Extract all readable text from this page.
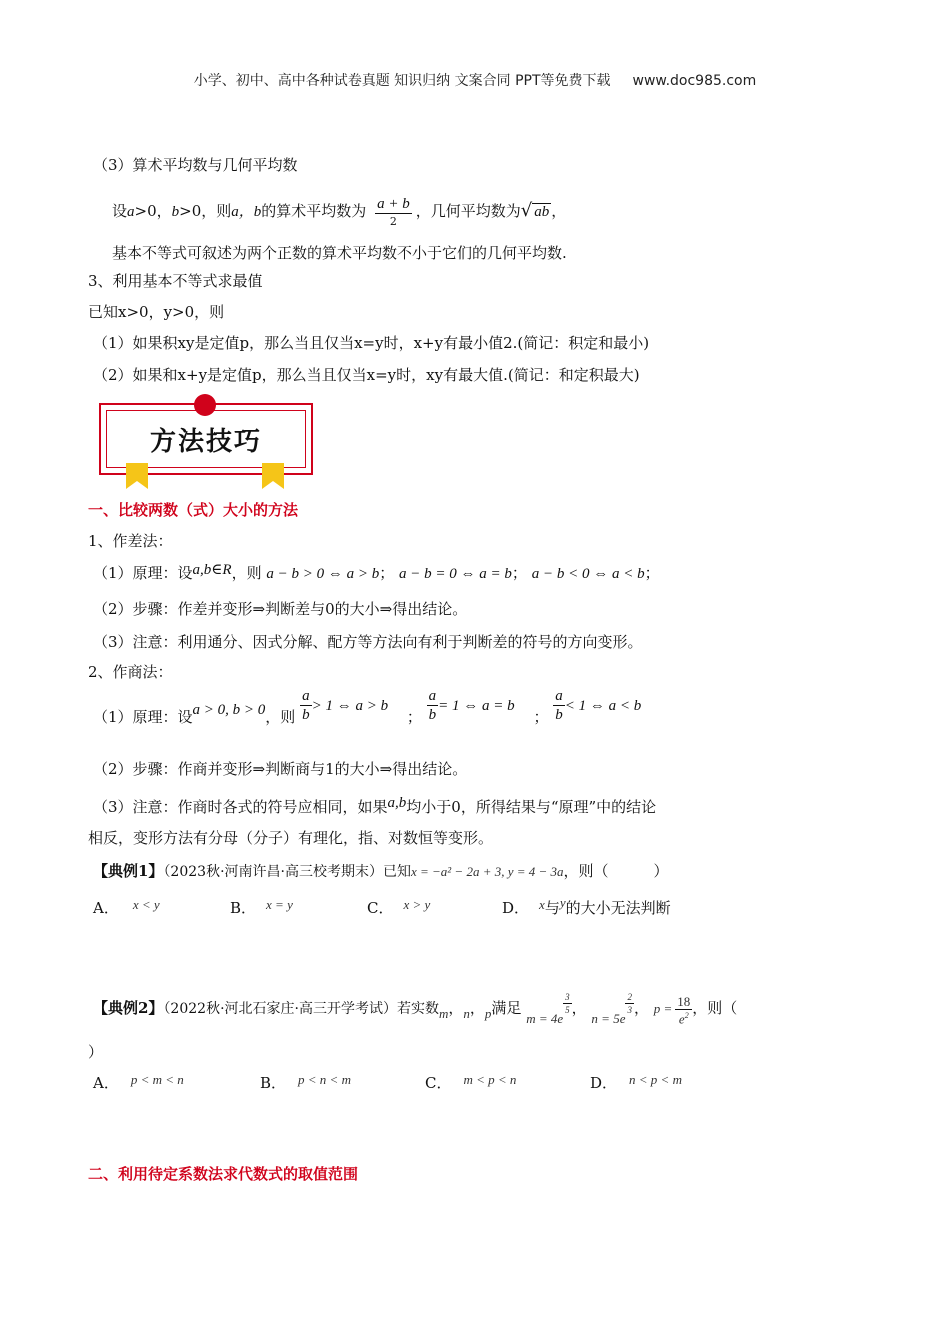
小学、初中、高中各种试卷真题 知识归纳 文案合同 PPT等免费下载 www.doc985.com
（3）算术平均数与几何平均数
设a>0，b>0，则a，b的算术平均数为 $\frac{a + b}{2}$ ，几何平均数为√ ab ，
基本不等式可叙述为两个正数的算术平均数不小于它们的几何平均数.
3、利用基本不等式求最值
已知x>0，y>0，则
（1）如果积xy是定值p，那么当且仅当x=y时，x+y有最小值2.(简记：积定和最小)
（2）如果和x+y是定值p，那么当且仅当x=y时，xy有最大值.(简记：和定积最大)
方法技巧
一、比较两数（式）大小的方法
1、作差法：
（1）原理：设a,b∈R，则 a − b > 0 ⇔ a > b； a − b = 0 ⇔ a = b； a − b < 0 ⇔ a < b；
（2）步骤：作差并变形⇒判断差与0的大小⇒得出结论。
（3）注意：利用通分、因式分解、配方等方法向有利于判断差的符号的方向变形。
2、作商法：
（1）原理：设a > 0, b > 0，则 $\frac{a}{b} > 1$ ⇔ a > b ； $\frac{a}{b} = 1$ ⇔ a = b ； $\frac{a}{b} < 1$ ⇔ a < b
（2）步骤：作商并变形⇒判断商与1的大小⇒得出结论。
（3）注意：作商时各式的符号应相同，如果a,b均小于0，所得结果与“原理”中的结论
相反，变形方法有分母（分子）有理化，指、对数恒等变形。
【典例1】（2023秋·河南许昌·高三校考期末）已知x = −a² − 2a + 3, y = 4 − 3a，则（　　　）
A． x < y	B． x = y	C． x > y	D． x与y的大小无法判断
【典例2】（2022秋·河北石家庄·高三开学考试）若实数m，n，p满足 m = 4e
$\frac{3}{5}$ ， n = 5e
$\frac{2}{3}$ ， $p = \frac{18}{e^2}$ ，则（
）
A． p < m < n	B． p < n < m	C． m < p < n	D． n < p < m
二、利用待定系数法求代数式的取值范围
